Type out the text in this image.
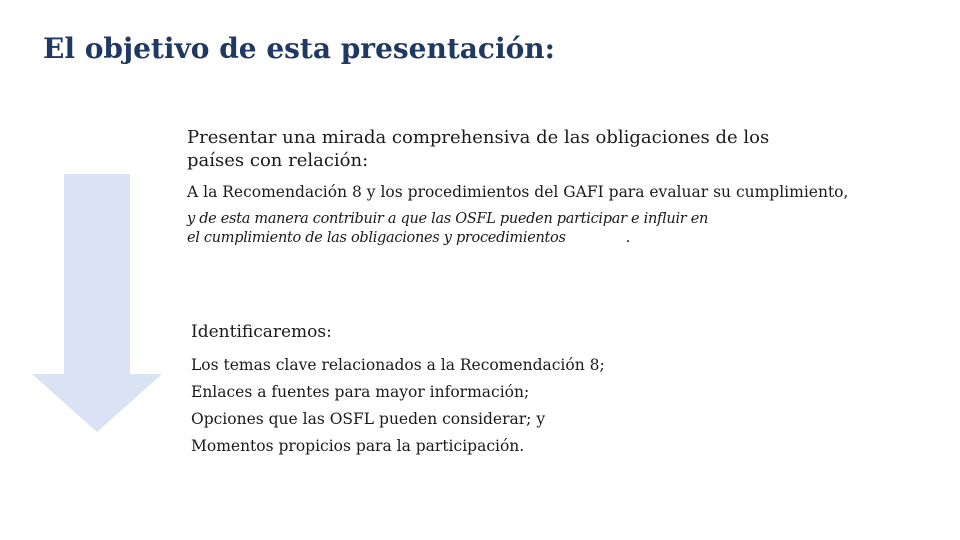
El objetivo de esta presentación:

Presentar una mirada comprehensiva de las obligaciones de los países con relación:

A la Recomendación 8 y los procedimientos del GAFI para evaluar su cumplimiento,

y de esta manera contribuir a que las OSFL pueden participar e influir en el cumplimiento de las obligaciones y procedimientos	.

Identificaremos:

Los temas clave relacionados a la Recomendación 8;
Enlaces a fuentes para mayor información;
Opciones que las OSFL pueden considerar; y
Momentos propicios para la participación.
